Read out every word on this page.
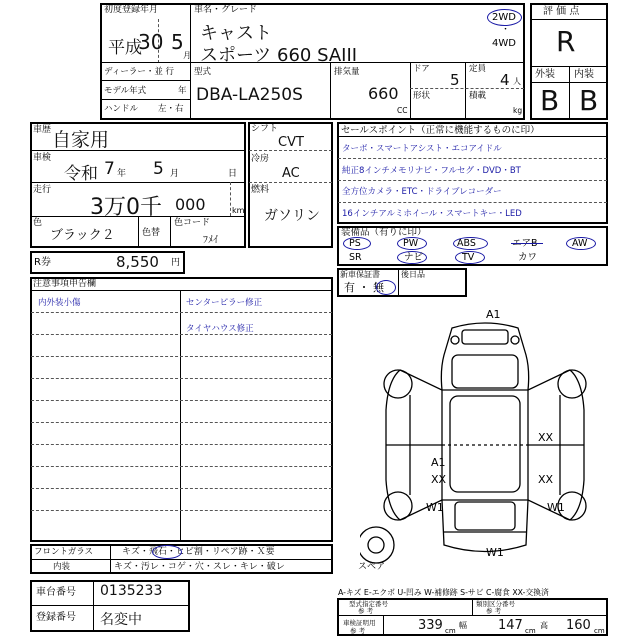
初度登録年月
平成
30 5
月
車名・グレード
キャスト
スポーツ 660 SAIII
2WD
・
4WD
ディーラー・並 行
モデル年式	年
ハンドル 左・右
型式
DBA-LA250S
排気量
660
CC
ドア
5
形状
定員
4 人
積載
kg
評 価 点
R
外装 内装
B B
車歴 自家用
車検
令和 7 年 5 月	日
走行
3万0千 000	km
色
ブラック２	色替
色コード
ﾌﾒｲ
R券	8,550 円
シフト
CVT
冷房
AC
燃料
ガソリン
セールスポイント（正常に機能するものに印）
ターボ・スマートアシスト・エコアイドル
純正8インチメモリナビ・フルセグ・DVD・BT
全方位カメラ・ETC・ドライブレコーダー
16インチアルミホイール・スマートキー・LED
装備品（有りに印）
PS	PW	ABS	エアB	AW
SR	ナビ	TV	カワ
新車保証書
有 ・ 無
後日品
注意事項申告欄
内外装小傷	センターピラー修正
タイヤハウス修正
A1
XX
A1
XX	XX
W1	W1
W1
スペア
フロントガラス	キズ・飛石・ヒビ割・リペア跡・Ｘ要
内装	キズ・汚レ・コゲ・穴・スレ・キレ・破レ
車台番号 0135233
登録番号 名変中
A-キズ E-エクボ U-凹み W-補修跡 S-サビ C-腐食 XX-交換済
型式指定番号
参 考
類別区分番号
参 考
車検証明用
参 考	339 cm
幅 147 cm
高 160 cm
